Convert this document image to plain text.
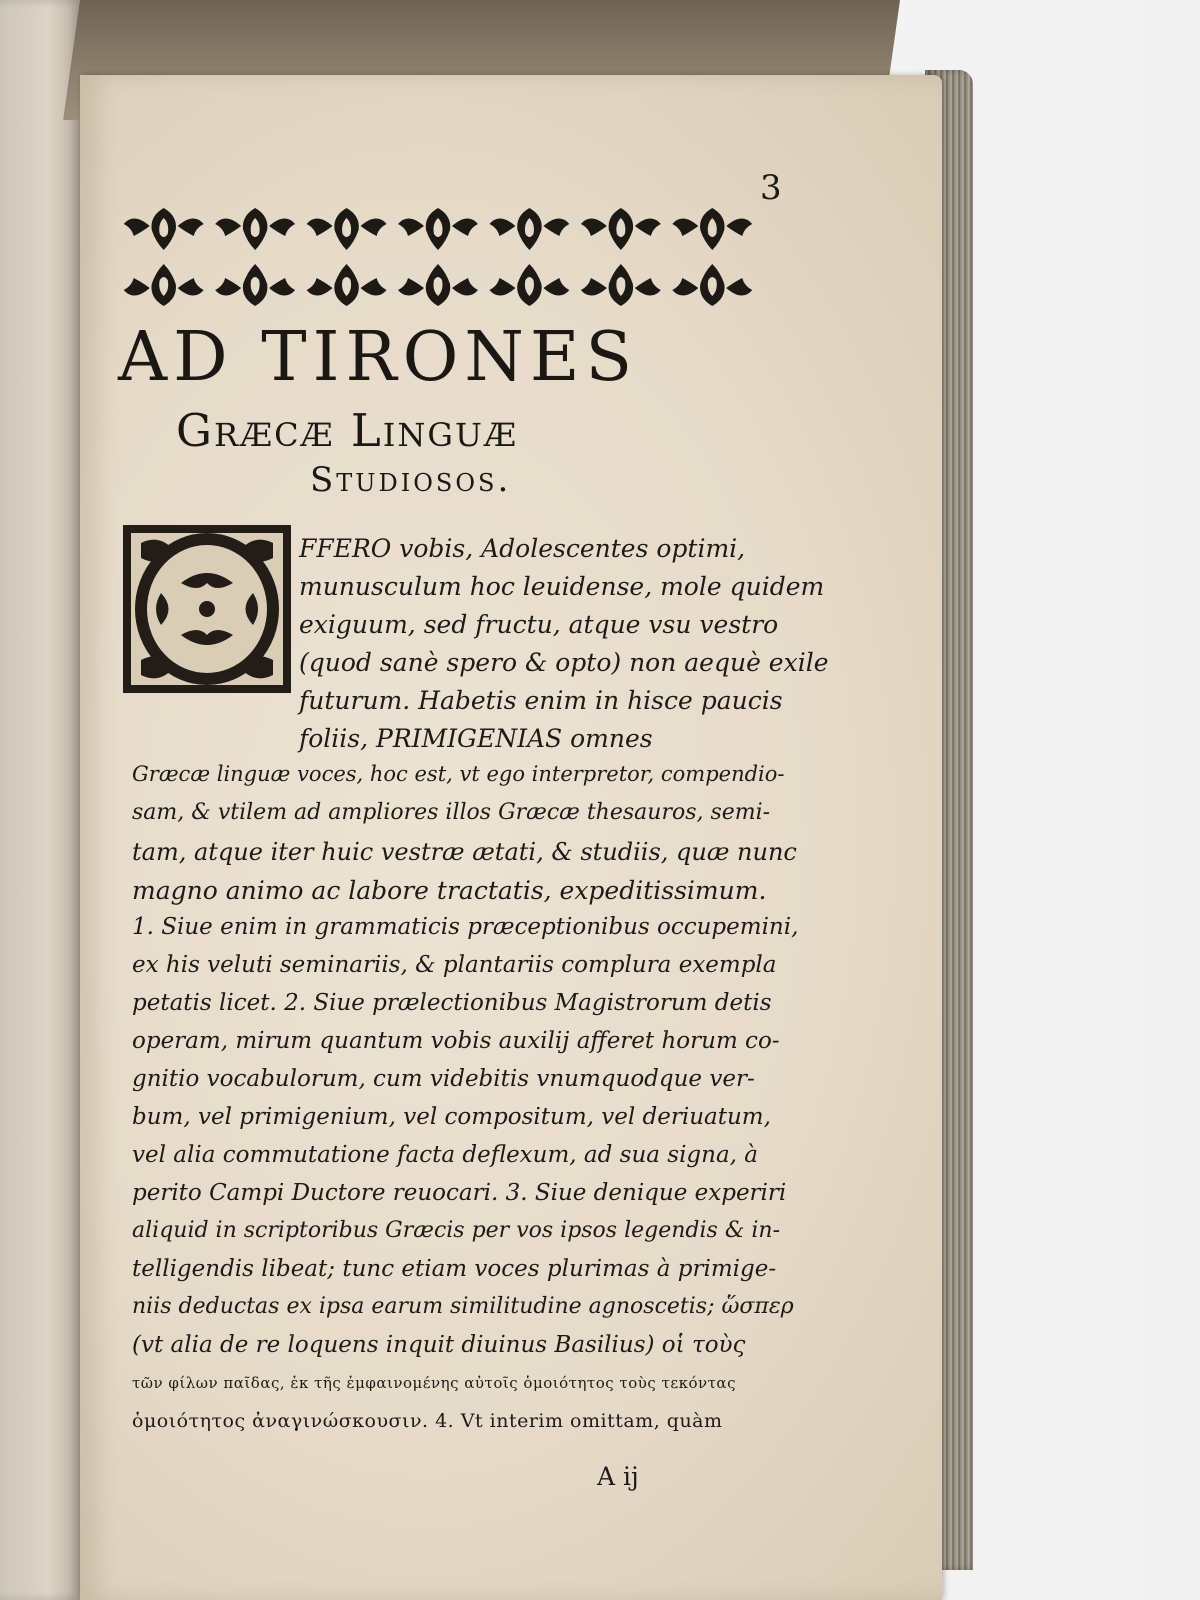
3
AD TIRONES
Græcæ Linguæ
Studiosos.
O

FFERO vobis, Adolescentes optimi,

munusculum hoc leuidense, mole quidem

exiguum, sed fructu, atque vsu vestro

(quod sanè spero & opto) non aequè exile

futurum. Habetis enim in hisce paucis

foliis, PRIMIGENIAS omnes

Græcæ linguæ voces, hoc est, vt ego interpretor, compendio-

sam, & vtilem ad ampliores illos Græcæ thesauros, semi-

tam, atque iter huic vestræ ætati, & studiis, quæ nunc

magno animo ac labore tractatis, expeditissimum.

1. Siue enim in grammaticis præceptionibus occupemini,

ex his veluti seminariis, & plantariis complura exempla

petatis licet. 2. Siue prælectionibus Magistrorum detis

operam, mirum quantum vobis auxilij afferet horum co-

gnitio vocabulorum, cum videbitis vnumquodque ver-

bum, vel primigenium, vel compositum, vel deriuatum,

vel alia commutatione facta deflexum, ad sua signa, à

perito Campi Ductore reuocari. 3. Siue denique experiri

aliquid in scriptoribus Græcis per vos ipsos legendis & in-

telligendis libeat; tunc etiam voces plurimas à primige-

niis deductas ex ipsa earum similitudine agnoscetis; ὥσπερ

(vt alia de re loquens inquit diuinus Basilius) οἱ τοὺς

τῶν φίλων παῖδας, ἐκ τῆς ἐμφαινομένης αὐτοῖς ὁμοιότητος τοὺς τεκόντας

ὁμοιότητος ἀναγινώσκουσιν. 4. Vt interim omittam, quàm

A ij
